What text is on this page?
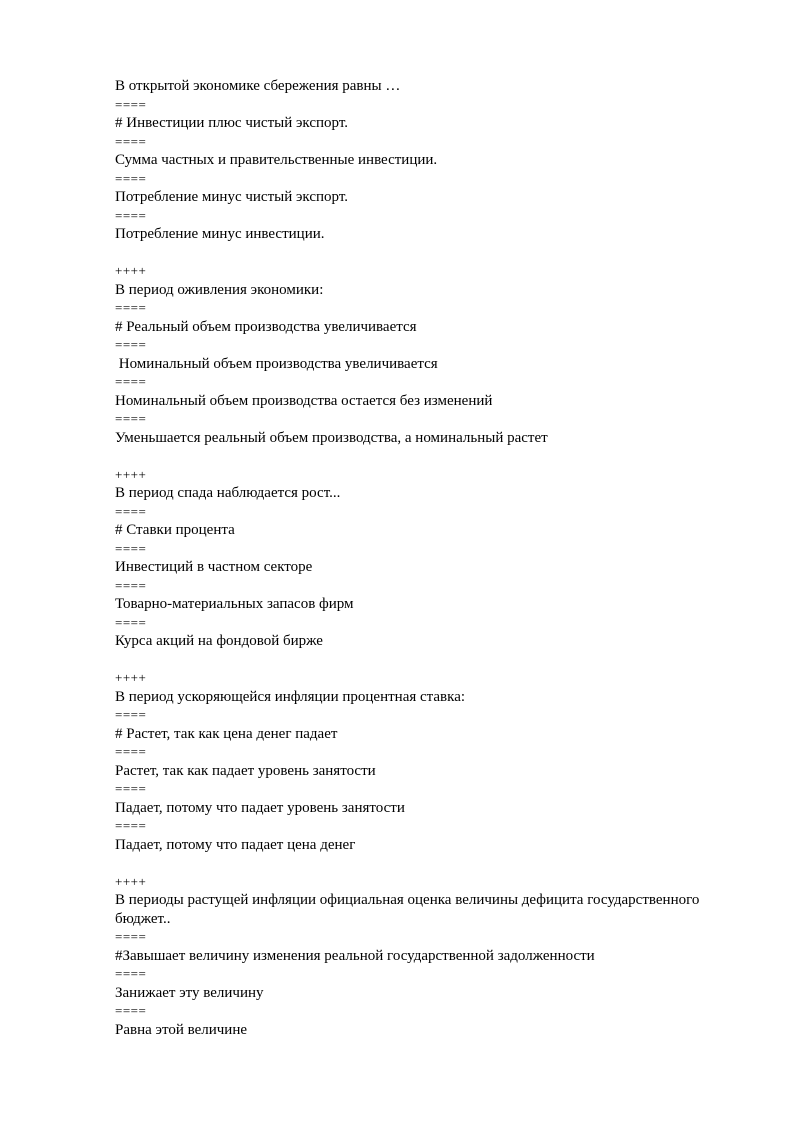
В открытой экономике сбережения равны …

====

# Инвестиции плюс чистый экспорт.

====

Сумма частных и правительственные инвестиции.

====

Потребление минус чистый экспорт.

====

Потребление минус инвестиции.

++++

В период оживления экономики:

====

# Реальный объем производства увеличивается

====

Номинальный объем производства увеличивается

====

Номинальный объем производства остается без изменений

====

Уменьшается реальный объем производства, а номинальный растет

++++

В период спада наблюдается рост...

====

# Ставки процента

====

Инвестиций в частном секторе

====

Товарно-материальных запасов фирм

====

Курса акций на фондовой бирже

++++

В период ускоряющейся инфляции процентная ставка:

====

# Растет, так как цена денег падает

====

Растет, так как падает уровень занятости

====

Падает, потому что падает уровень занятости

====

Падает, потому что падает цена денег

++++

В периоды растущей инфляции официальная оценка величины дефицита государственного бюджет..

====

#Завышает величину изменения реальной государственной задолженности

====

Занижает эту величину

====

Равна этой величине
